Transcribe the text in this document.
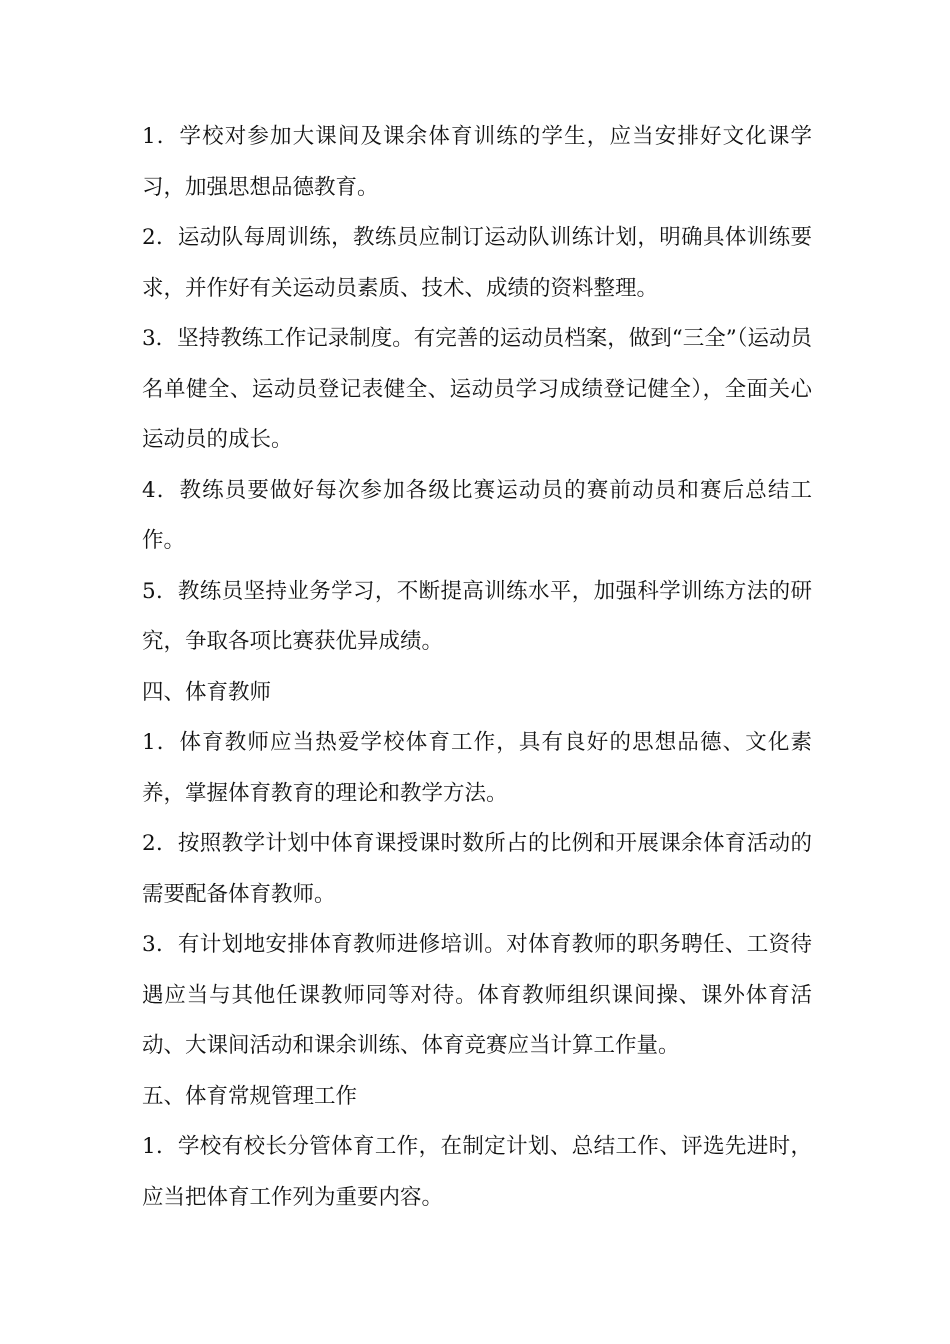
1．学校对参加大课间及课余体育训练的学生，应当安排好文化课学习，加强思想品德教育。

2．运动队每周训练，教练员应制订运动队训练计划，明确具体训练要求，并作好有关运动员素质、技术、成绩的资料整理。

3．坚持教练工作记录制度。有完善的运动员档案，做到“三全”（运动员名单健全、运动员登记表健全、运动员学习成绩登记健全），全面关心运动员的成长。

4．教练员要做好每次参加各级比赛运动员的赛前动员和赛后总结工作。

5．教练员坚持业务学习，不断提高训练水平，加强科学训练方法的研究，争取各项比赛获优异成绩。

四、体育教师

1．体育教师应当热爱学校体育工作，具有良好的思想品德、文化素养，掌握体育教育的理论和教学方法。

2．按照教学计划中体育课授课时数所占的比例和开展课余体育活动的需要配备体育教师。

3．有计划地安排体育教师进修培训。对体育教师的职务聘任、工资待遇应当与其他任课教师同等对待。体育教师组织课间操、课外体育活动、大课间活动和课余训练、体育竞赛应当计算工作量。

五、体育常规管理工作

1．学校有校长分管体育工作，在制定计划、总结工作、评选先进时，应当把体育工作列为重要内容。
